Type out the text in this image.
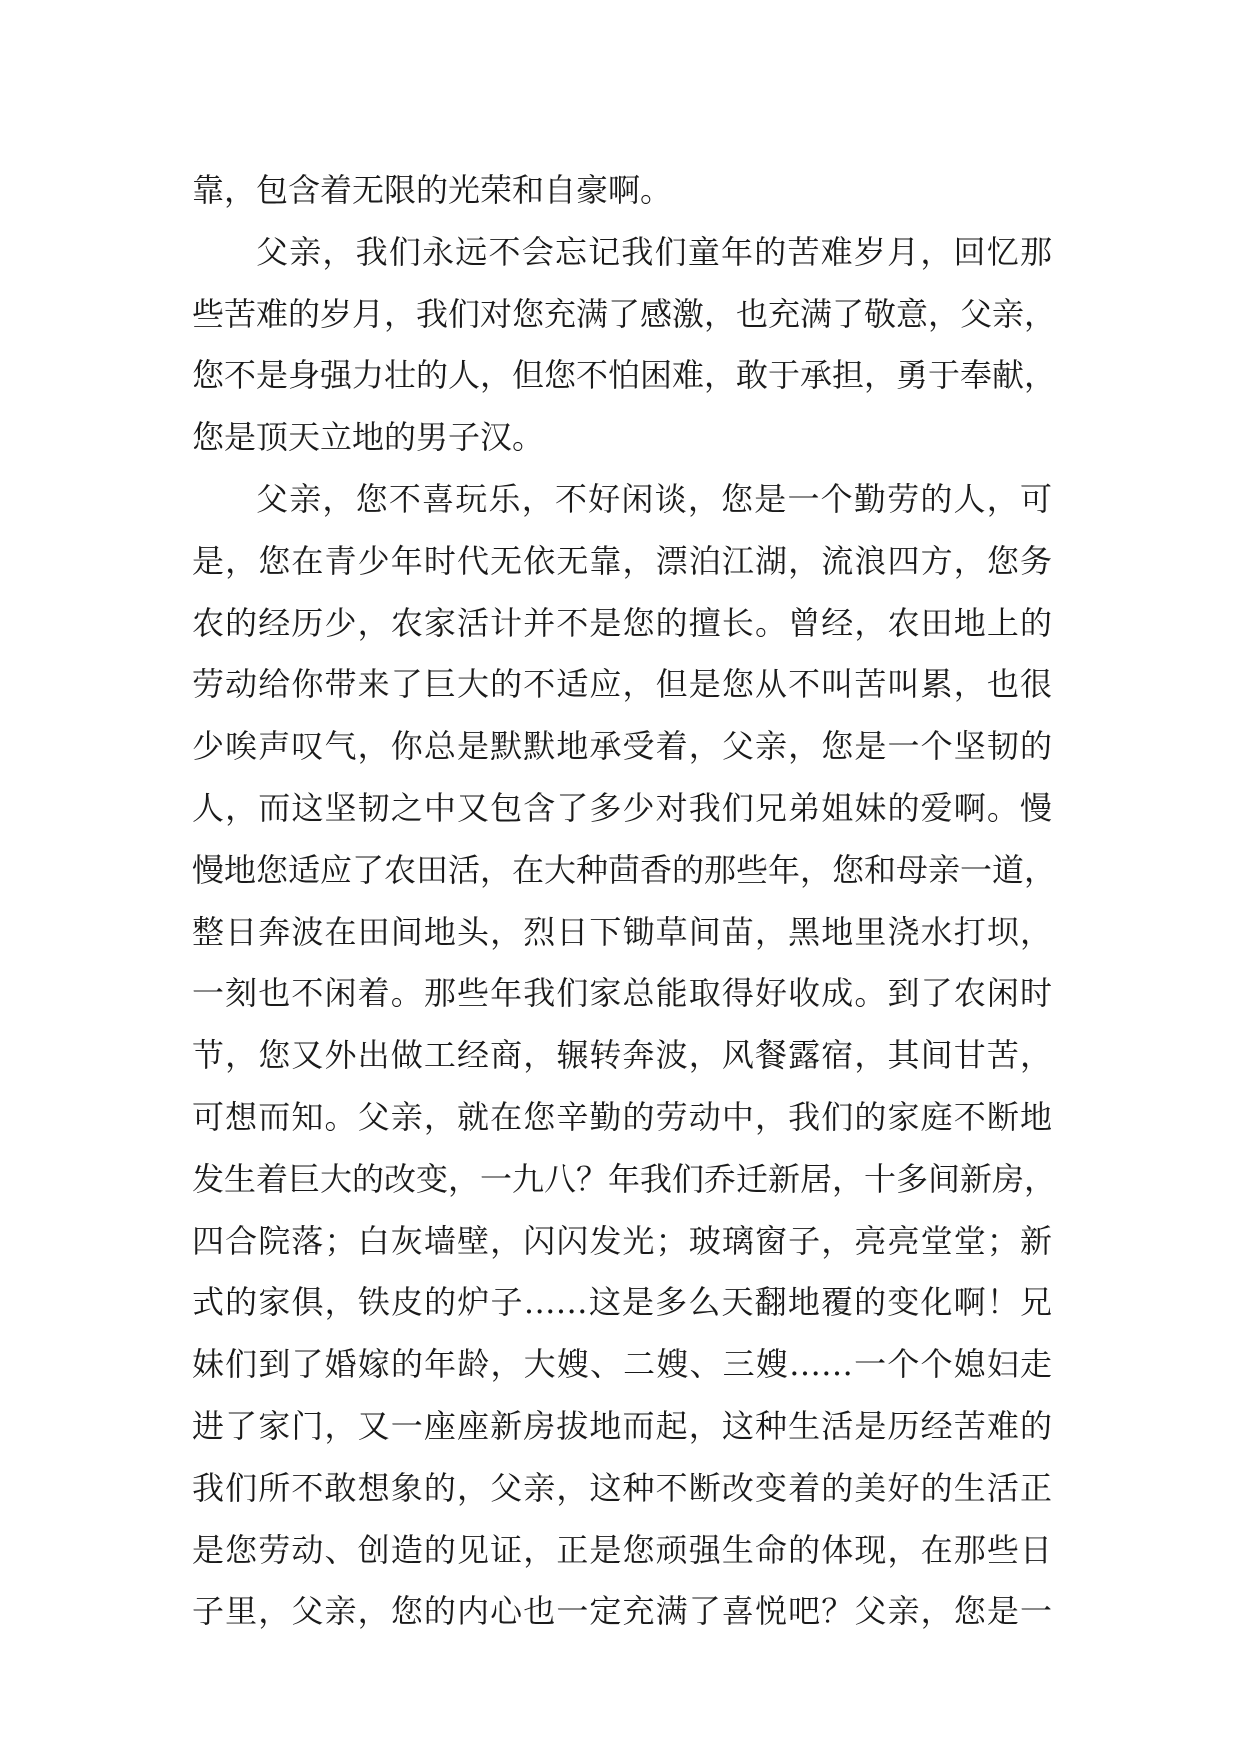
靠，包含着无限的光荣和自豪啊。
父亲，我们永远不会忘记我们童年的苦难岁月，回忆那
些苦难的岁月，我们对您充满了感激，也充满了敬意，父亲，
您不是身强力壮的人，但您不怕困难，敢于承担，勇于奉献，
您是顶天立地的男子汉。
父亲，您不喜玩乐，不好闲谈，您是一个勤劳的人，可
是，您在青少年时代无依无靠，漂泊江湖，流浪四方，您务
农的经历少，农家活计并不是您的擅长。曾经，农田地上的
劳动给你带来了巨大的不适应，但是您从不叫苦叫累，也很
少唉声叹气，你总是默默地承受着，父亲，您是一个坚韧的
人，而这坚韧之中又包含了多少对我们兄弟姐妹的爱啊。慢
慢地您适应了农田活，在大种茴香的那些年，您和母亲一道，
整日奔波在田间地头，烈日下锄草间苗，黑地里浇水打坝，
一刻也不闲着。那些年我们家总能取得好收成。到了农闲时
节，您又外出做工经商，辗转奔波，风餐露宿，其间甘苦，
可想而知。父亲，就在您辛勤的劳动中，我们的家庭不断地
发生着巨大的改变，一九八？年我们乔迁新居，十多间新房，
四合院落；白灰墙壁，闪闪发光；玻璃窗子，亮亮堂堂；新
式的家俱，铁皮的炉子……这是多么天翻地覆的变化啊！兄
妹们到了婚嫁的年龄，大嫂、二嫂、三嫂……一个个媳妇走
进了家门，又一座座新房拔地而起，这种生活是历经苦难的
我们所不敢想象的，父亲，这种不断改变着的美好的生活正
是您劳动、创造的见证，正是您顽强生命的体现，在那些日
子里，父亲，您的内心也一定充满了喜悦吧？父亲，您是一
